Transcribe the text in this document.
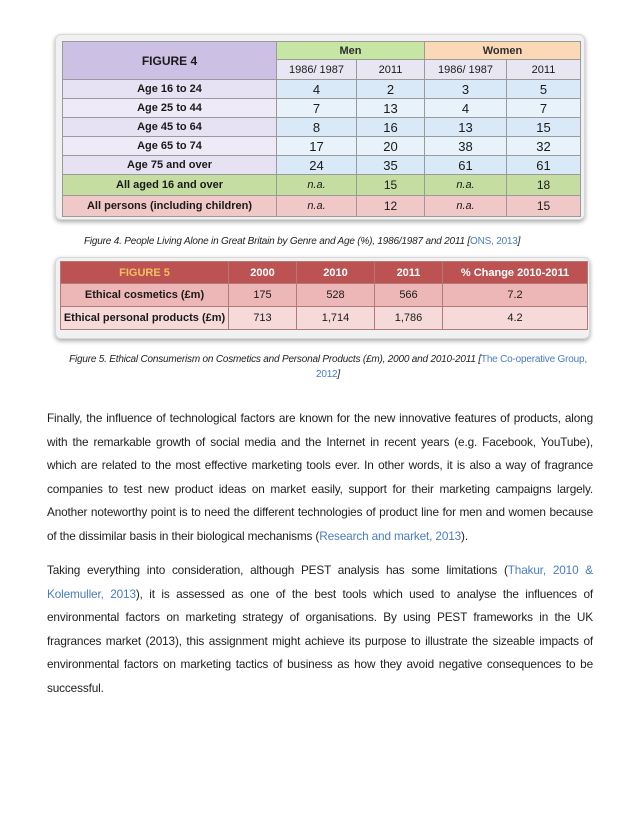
FIGURE 4	Men		Women	
	1986/ 1987	2011	1986/ 1987	2011
Age 16 to 24	4	2	3	5
Age 25 to 44	7	13	4	7
Age 45 to 64	8	16	13	15
Age 65 to 74	17	20	38	32
Age 75 and over	24	35	61	61
All aged 16 and over	n.a.	15	n.a.	18
All persons (including children)	n.a.	12	n.a.	15
Figure 4. People Living Alone in Great Britain by Genre and Age (%), 1986/1987 and 2011 [ONS, 2013]
FIGURE 5	2000	2010	2011	% Change 2010-2011
Ethical cosmetics (£m)	175	528	566	7.2
Ethical personal products (£m)	713	1,714	1,786	4.2
Figure 5. Ethical Consumerism on Cosmetics and Personal Products (£m), 2000 and 2010-2011 [The Co-operative Group, 2012]

Finally, the influence of technological factors are known for the new innovative features of products, along with the remarkable growth of social media and the Internet in recent years (e.g. Facebook, YouTube), which are related to the most effective marketing tools ever. In other words, it is also a way of fragrance companies to test new product ideas on market easily, support for their marketing campaigns largely. Another noteworthy point is to need the different technologies of product line for men and women because of the dissimilar basis in their biological mechanisms (Research and market, 2013).

Taking everything into consideration, although PEST analysis has some limitations (Thakur, 2010 & Kolemuller, 2013), it is assessed as one of the best tools which used to analyse the influences of environmental factors on marketing strategy of organisations. By using PEST frameworks in the UK fragrances market (2013), this assignment might achieve its purpose to illustrate the sizeable impacts of environmental factors on marketing tactics of business as how they avoid negative consequences to be successful.
